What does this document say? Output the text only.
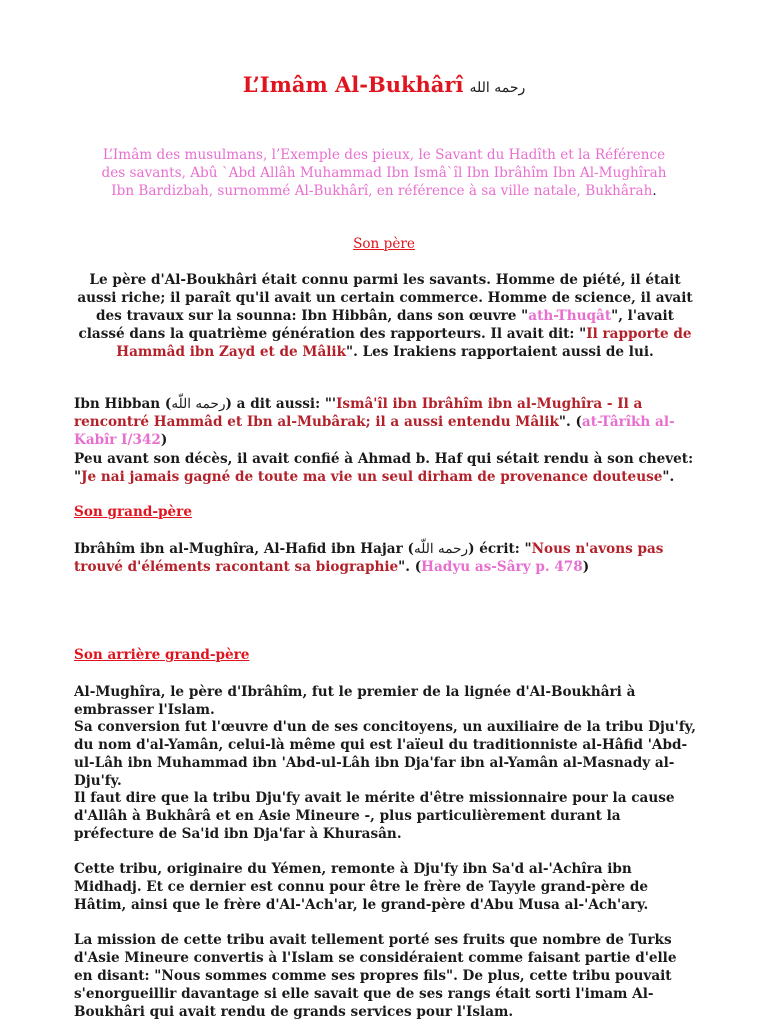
L’Imâm Al-Bukhârî رحمه الله
L’Imâm des musulmans, l’Exemple des pieux, le Savant du Hadîth et la Référence des savants, Abû `Abd Allâh Muhammad Ibn Ismâ`îl Ibn Ibrâhîm Ibn Al-Mughîrah Ibn Bardizbah, surnommé Al-Bukhârî, en référence à sa ville natale, Bukhârah.
Son père
Le père d'Al-Boukhâri était connu parmi les savants. Homme de piété, il était aussi riche; il paraît qu'il avait un certain commerce. Homme de science, il avait des travaux sur la sounna: Ibn Hibbân, dans son œuvre "ath-Thuqât", l'avait classé dans la quatrième génération des rapporteurs. Il avait dit: "Il rapporte de Hammâd ibn Zayd et de Mâlik". Les Irakiens rapportaient aussi de lui.
Ibn Hibban (رحمه اللّه) a dit aussi: "'Ismâ'îl ibn Ibrâhîm ibn al-Mughîra - Il a rencontré Hammâd et Ibn al-Mubârak; il a aussi entendu Mâlik". (at-Târîkh al-Kabîr I/342)
Peu avant son décès, il avait confié à Ahmad b. Haf qui sétait rendu à son chevet: "Je nai jamais gagné de toute ma vie un seul dirham de provenance douteuse".
Son grand-père
Ibrâhîm ibn al-Mughîra, Al-Hafid ibn Hajar (رحمه اللّه) écrit: "Nous n'avons pas trouvé d'éléments racontant sa biographie". (Hadyu as-Sâry p. 478)
Son arrière grand-père
Al-Mughîra, le père d'Ibrâhîm, fut le premier de la lignée d'Al-Boukhâri à embrasser l'Islam.
Sa conversion fut l'œuvre d'un de ses concitoyens, un auxiliaire de la tribu Dju'fy, du nom d'al-Yamân, celui-là même qui est l'aïeul du traditionniste al-Hâfid 'Abd-ul-Lâh ibn Muhammad ibn 'Abd-ul-Lâh ibn Dja'far ibn al-Yamân al-Masnady al-Dju'fy.
Il faut dire que la tribu Dju'fy avait le mérite d'être missionnaire pour la cause d'Allâh à Bukhârâ et en Asie Mineure -, plus particulièrement durant la préfecture de Sa'id ibn Dja'far à Khurasân.
Cette tribu, originaire du Yémen, remonte à Dju'fy ibn Sa'd al-'Achîra ibn Midhadj. Et ce dernier est connu pour être le frère de Tayyle grand-père de Hâtim, ainsi que le frère d'Al-'Ach'ar, le grand-père d'Abu Musa al-'Ach'ary.
La mission de cette tribu avait tellement porté ses fruits que nombre de Turks d'Asie Mineure convertis à l'Islam se considéraient comme faisant partie d'elle en disant: "Nous sommes comme ses propres fils". De plus, cette tribu pouvait s'enorgueillir davantage si elle savait que de ses rangs était sorti l'imam Al-Boukhâri qui avait rendu de grands services pour l'Islam.
